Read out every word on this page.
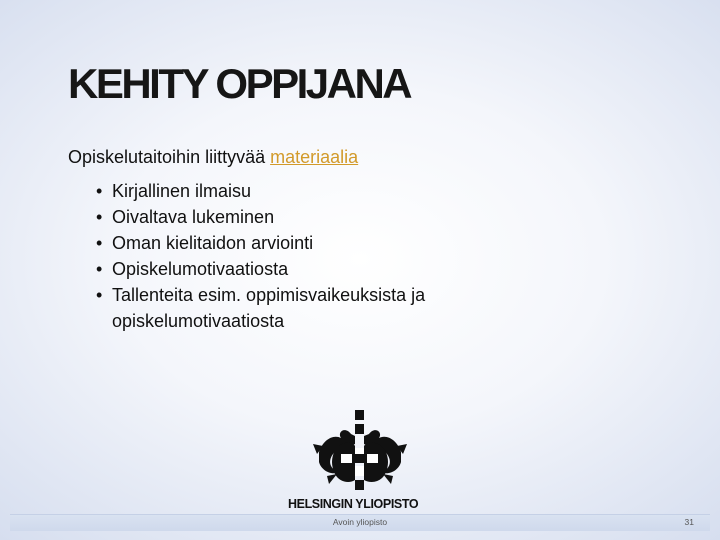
KEHITY OPPIJANA
Opiskelutaitoihin liittyvää materiaalia
• Kirjallinen ilmaisu
• Oivaltava lukeminen
• Oman kielitaidon arviointi
• Opiskelumotivaatiosta
• Tallenteita esim. oppimisvaikeuksista ja opiskelumotivaatiosta
HELSINGIN YLIOPISTO
Avoin yliopisto	31
